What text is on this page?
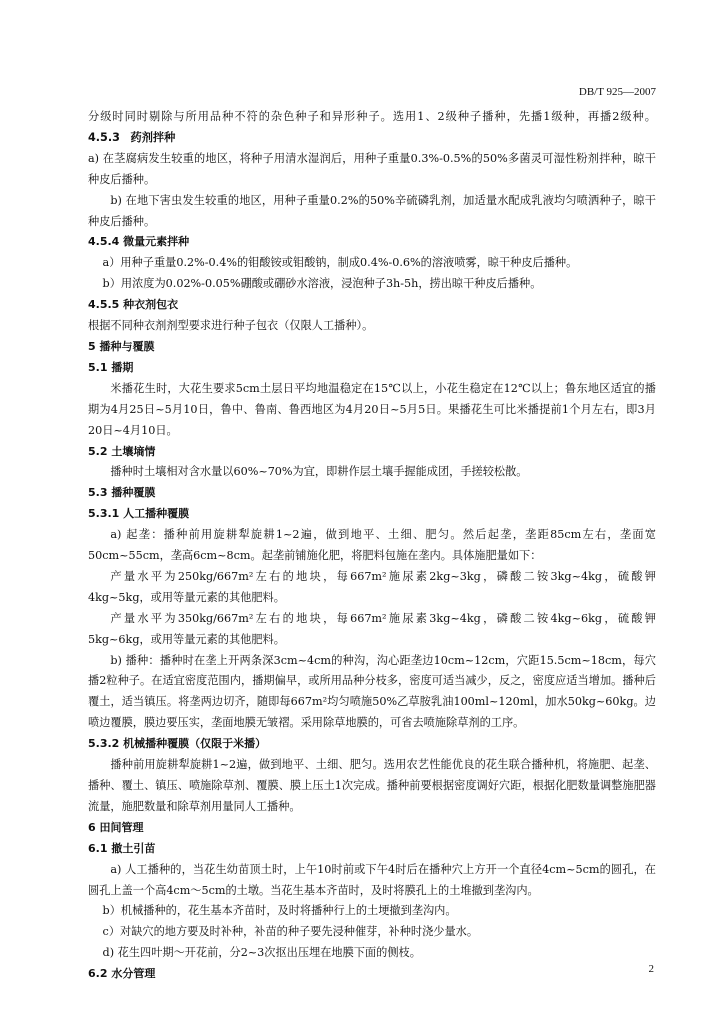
DB/T 925—2007

分级时同时剔除与所用品种不符的杂色种子和异形种子。选用1、2级种子播种，先播1级种，再播2级种。4.5.3 药剂拌种

a) 在茎腐病发生较重的地区，将种子用清水湿润后，用种子重量0.3%-0.5%的50%多菌灵可湿性粉剂拌种，晾干种皮后播种。

b) 在地下害虫发生较重的地区，用种子重量0.2%的50%辛硫磷乳剂，加适量水配成乳液均匀喷洒种子，晾干种皮后播种。

4.5.4 微量元素拌种

a）用种子重量0.2%-0.4%的钼酸铵或钼酸钠，制成0.4%-0.6%的溶液喷雾，晾干种皮后播种。

b）用浓度为0.02%-0.05%硼酸或硼砂水溶液，浸泡种子3h-5h，捞出晾干种皮后播种。

4.5.5 种衣剂包衣

根据不同种衣剂剂型要求进行种子包衣（仅限人工播种）。

5 播种与覆膜

5.1 播期

米播花生时，大花生要求5cm土层日平均地温稳定在15℃以上，小花生稳定在12℃以上；鲁东地区适宜的播期为4月25日~5月10日，鲁中、鲁南、鲁西地区为4月20日~5月5日。果播花生可比米播提前1个月左右，即3月20日~4月10日。

5.2 土壤墒情

播种时土壤相对含水量以60%~70%为宜，即耕作层土壤手握能成团，手搓较松散。

5.3 播种覆膜

5.3.1 人工播种覆膜

a) 起垄：播种前用旋耕犁旋耕1~2遍，做到地平、土细、肥匀。然后起垄，垄距85cm左右，垄面宽50cm~55cm，垄高6cm~8cm。起垄前铺施化肥，将肥料包施在垄内。具体施肥量如下：

产量水平为250kg/667m²左右的地块，每667m²施尿素2kg~3kg，磷酸二铵3kg~4kg，硫酸钾4kg~5kg，或用等量元素的其他肥料。

产量水平为350kg/667m²左右的地块，每667m²施尿素3kg~4kg，磷酸二铵4kg~6kg，硫酸钾5kg~6kg，或用等量元素的其他肥料。

b) 播种：播种时在垄上开两条深3cm~4cm的种沟，沟心距垄边10cm~12cm，穴距15.5cm~18cm，每穴播2粒种子。在适宜密度范围内，播期偏早，或所用品种分枝多，密度可适当减少，反之，密度应适当增加。播种后覆土，适当镇压。将垄两边切齐，随即每667m²均匀喷施50%乙草胺乳油100ml~120ml，加水50kg~60kg。边喷边覆膜，膜边要压实，垄面地膜无皱褶。采用除草地膜的，可省去喷施除草剂的工序。

5.3.2 机械播种覆膜（仅限于米播）

播种前用旋耕犁旋耕1~2遍，做到地平、土细、肥匀。选用农艺性能优良的花生联合播种机，将施肥、起垄、播种、覆土、镇压、喷施除草剂、覆膜、膜上压土1次完成。播种前要根据密度调好穴距，根据化肥数量调整施肥器流量，施肥数量和除草剂用量同人工播种。

6 田间管理

6.1 撤土引苗

a) 人工播种的，当花生幼苗顶土时，上午10时前或下午4时后在播种穴上方开一个直径4cm~5cm的圆孔，在圆孔上盖一个高4cm～5cm的土墩。当花生基本齐苗时，及时将膜孔上的土堆撤到垄沟内。

b）机械播种的，花生基本齐苗时，及时将播种行上的土埂撤到垄沟内。

c）对缺穴的地方要及时补种，补苗的种子要先浸种催芽，补种时浇少量水。

d) 花生四叶期～开花前，分2~3次抠出压埋在地膜下面的侧枝。

6.2 水分管理	2
